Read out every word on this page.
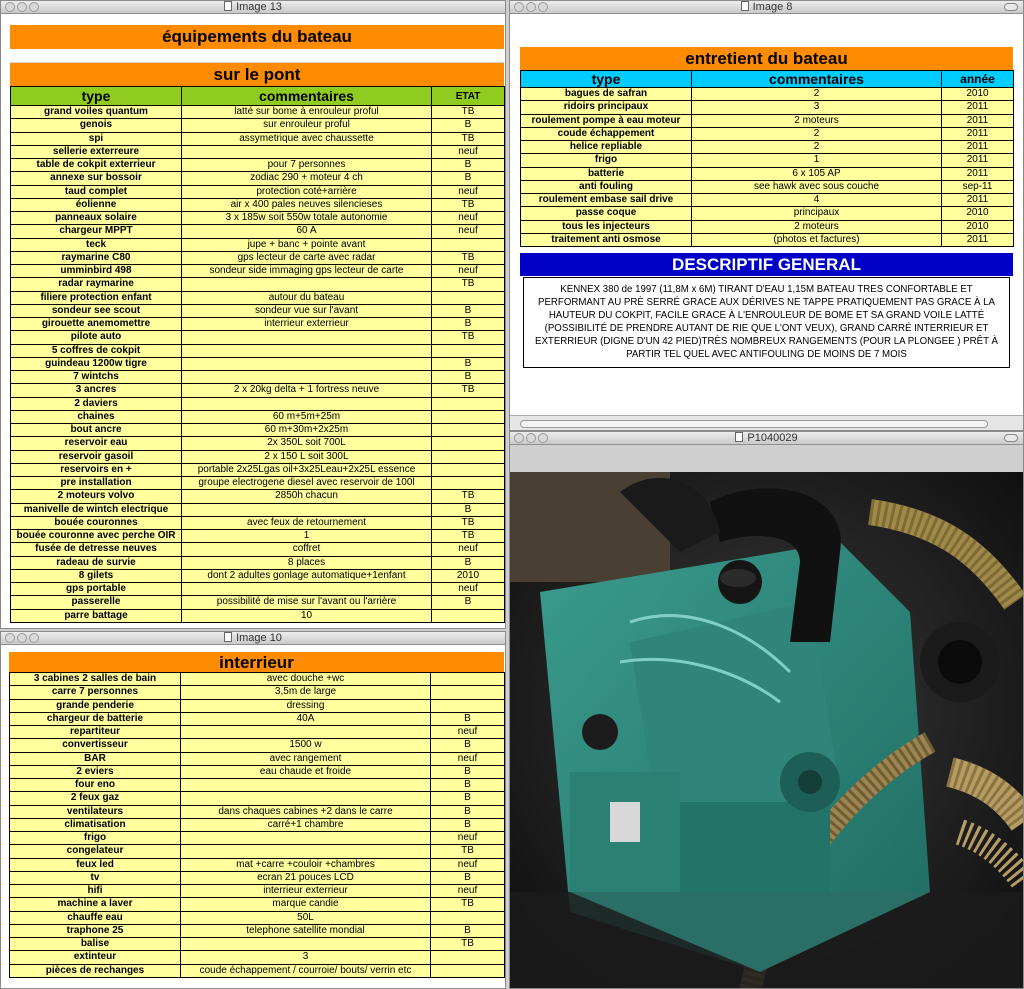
Image 13
équipements du bateau
sur le pont
type	commentaires	ETAT
grand voiles quantum	latté sur bome à enrouleur proful	TB
genois	sur enrouleur proful	B
spi	assymetrique avec chaussette	TB
sellerie exterreure		neuf
table de cokpit exterrieur	pour 7 personnes	B
annexe sur bossoir	zodiac 290 + moteur 4 ch	B
taud complet	protection coté+arrière	neuf
éolienne	air x 400 pales neuves silencieses	TB
panneaux solaire	3 x 185w soit 550w totale autonomie	neuf
chargeur MPPT	60 A	neuf
teck	jupe + banc + pointe avant	
raymarine C80	gps lecteur de carte avec radar	TB
umminbird 498	sondeur side immaging gps lecteur de carte	neuf
radar raymarine		TB
filiere protection enfant	autour du bateau	
sondeur see scout	sondeur vue sur l'avant	B
girouette anemomettre	interrieur exterrieur	B
pilote auto		TB
5 coffres de cokpit		
guindeau 1200w tigre		B
7 wintchs		B
3 ancres	2 x 20kg delta + 1 fortress neuve	TB
2 daviers		
chaines	60 m+5m+25m	
bout ancre	60 m+30m+2x25m	
reservoir eau	2x 350L soit 700L	
reservoir gasoil	2 x 150 L soit 300L	
reservoirs en +	portable 2x25Lgas oil+3x25Leau+2x25L essence	
pre installation	groupe electrogene diesel avec reservoir de 100l	
2 moteurs volvo	2850h chacun	TB
manivelle de wintch electrique		B
bouée couronnes	avec feux de retournement	TB
bouée couronne avec perche OIR	1	TB
fusée de detresse neuves	coffret	neuf
radeau de survie	8 places	B
8 gilets	dont 2 adultes gonlage automatique+1enfant	2010
gps portable		neuf
passerelle	possibilité de mise sur l'avant ou l'arrière	B
parre battage	10	
Image 8
entretient du bateau
type	commentaires	année
bagues de safran	2	2010
ridoirs principaux	3	2011
roulement pompe à eau moteur	2 moteurs	2011
coude échappement	2	2011
helice repliable	2	2011
frigo	1	2011
batterie	6 x 105 AP	2011
anti fouling	see hawk avec sous couche	sep-11
roulement embase sail drive	4	2011
passe coque	principaux	2010
tous les injecteurs	2 moteurs	2010
traitement anti osmose	(photos et factures)	2011
DESCRIPTIF GENERAL
KENNEX 380 de 1997 (11,8M x 6M) TIRANT D'EAU 1,15M BATEAU TRES CONFORTABLE ET PERFORMANT AU PRÈ SERRÉ GRACE AUX DÉRIVES NE TAPPE PRATIQUEMENT PAS GRACE À LA HAUTEUR DU COKPIT, FACILE GRACE À L'ENROULEUR DE BOME ET SA GRAND VOILE LATTÉ (POSSIBILITÉ DE PRENDRE AUTANT DE RIE QUE L'ONT VEUX), GRAND CARRÉ INTERRIEUR ET EXTERRIEUR (DIGNE D'UN 42 PIED)TRÈS NOMBREUX RANGEMENTS (POUR LA PLONGEE ) PRÊT À PARTIR TEL QUEL AVEC ANTIFOULING DE MOINS DE 7 MOIS
Image 10
interrieur
3 cabines 2 salles de bain	avec douche +wc	
carre 7 personnes	3,5m de large	
grande penderie	dressing	
chargeur de batterie	40A	B
repartiteur		neuf
convertisseur	1500 w	B
BAR	avec rangement	neuf
2 eviers	eau chaude et froide	B
four eno		B
2 feux gaz		B
ventilateurs	dans chaques cabines +2 dans le carre	B
climatisation	carré+1 chambre	B
frigo		neuf
congelateur		TB
feux led	mat +carre +couloir +chambres	neuf
tv	ecran 21 pouces LCD	B
hifi	interrieur exterrieur	neuf
machine a laver	marque candie	TB
chauffe eau	50L	
traphone 25	telephone satellite mondial	B
balise		TB
extinteur	3	
pièces de rechanges	coude échappement / courroie/ bouts/ verrin etc	
P1040029
